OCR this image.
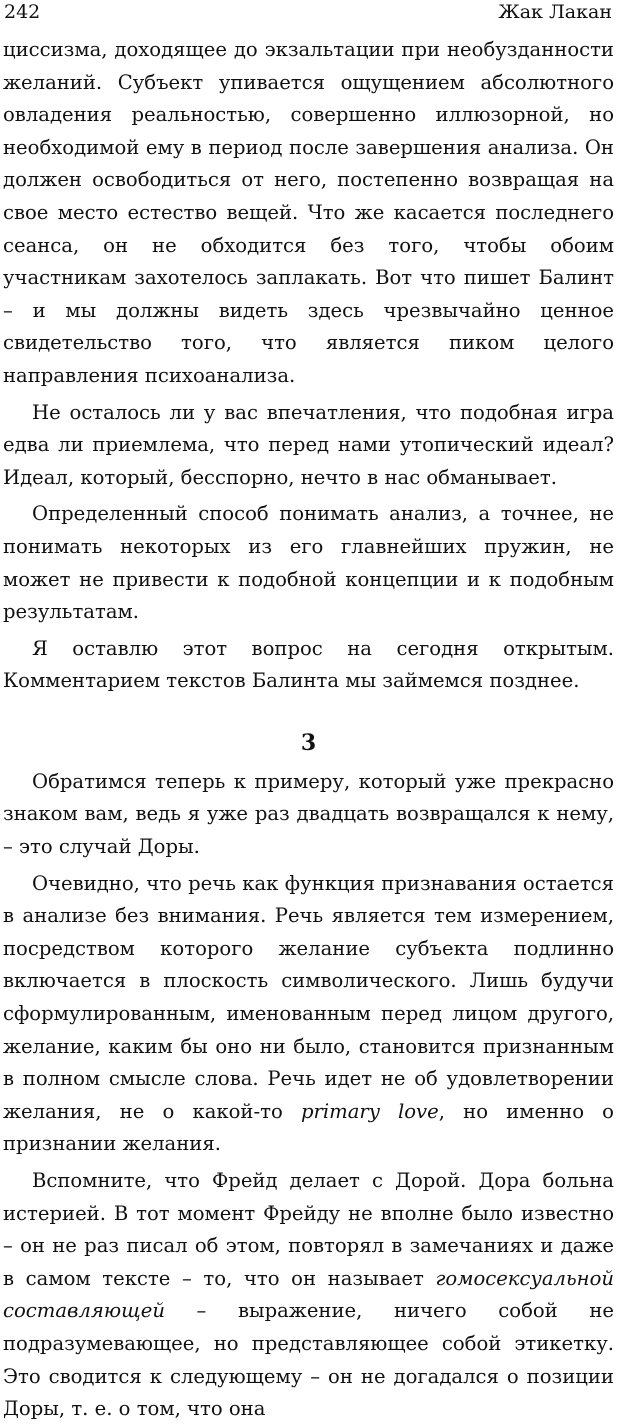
242	Жак Лакан

циссизма, доходящее до экзальтации при необузданности желаний. Субъект упивается ощущением абсолютного овладения реальностью, совершенно иллюзорной, но необходимой ему в период после завершения анализа. Он должен освободиться от него, постепенно возвращая на свое место естество вещей. Что же касается последнего сеанса, он не обходится без того, чтобы обоим участникам захотелось заплакать. Вот что пишет Балинт – и мы должны видеть здесь чрезвычайно ценное свидетельство того, что является пиком целого направления психоанализа.

Не осталось ли у вас впечатления, что подобная игра едва ли приемлема, что перед нами утопический идеал? Идеал, который, бесспорно, нечто в нас обманывает.

Определенный способ понимать анализ, а точнее, не понимать некоторых из его главнейших пружин, не может не привести к подобной концепции и к подобным результатам.

Я оставлю этот вопрос на сегодня открытым. Комментарием текстов Балинта мы займемся позднее.

3

Обратимся теперь к примеру, который уже прекрасно знаком вам, ведь я уже раз двадцать возвращался к нему, – это случай Доры.

Очевидно, что речь как функция признавания остается в анализе без внимания. Речь является тем измерением, посредством которого желание субъекта подлинно включается в плоскость символического. Лишь будучи сформулированным, именованным перед лицом другого, желание, каким бы оно ни было, становится признанным в полном смысле слова. Речь идет не об удовлетворении желания, не о какой-то primary love, но именно о признании желания.

Вспомните, что Фрейд делает с Дорой. Дора больна истерией. В тот момент Фрейду не вполне было известно – он не раз писал об этом, повторял в замечаниях и даже в самом тексте – то, что он называет гомосексуальной составляющей – выражение, ничего собой не подразумевающее, но представляющее собой этикетку. Это сводится к следующему – он не догадался о позиции Доры, т. е. о том, что она
